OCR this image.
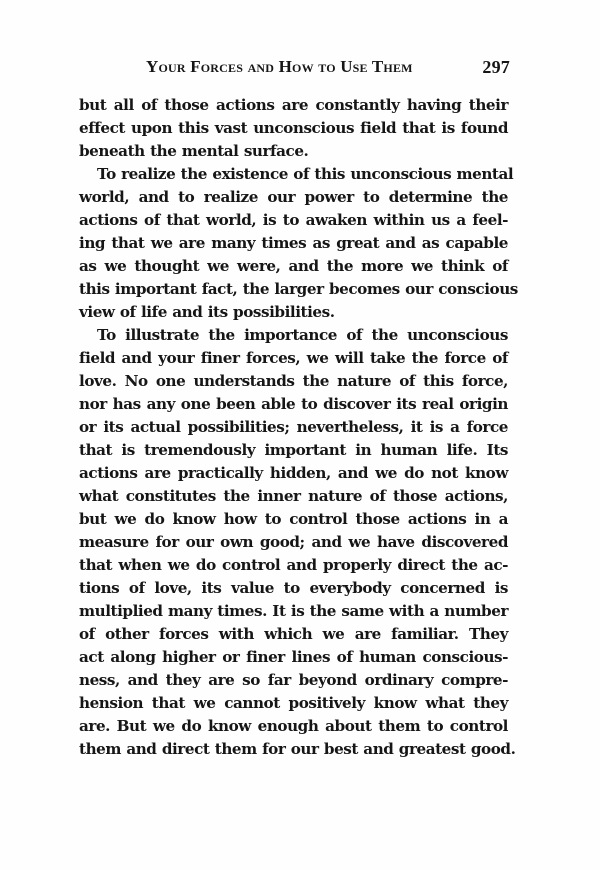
Your Forces and How to Use Them	297
but all of those actions are constantly having their
effect upon this vast unconscious field that is found
beneath the mental surface.
To realize the existence of this unconscious mental
world, and to realize our power to determine the
actions of that world, is to awaken within us a feel-
ing that we are many times as great and as capable
as we thought we were, and the more we think of
this important fact, the larger becomes our conscious
view of life and its possibilities.
To illustrate the importance of the unconscious
field and your finer forces, we will take the force of
love. No one understands the nature of this force,
nor has any one been able to discover its real origin
or its actual possibilities; nevertheless, it is a force
that is tremendously important in human life. Its
actions are practically hidden, and we do not know
what constitutes the inner nature of those actions,
but we do know how to control those actions in a
measure for our own good; and we have discovered
that when we do control and properly direct the ac-
tions of love, its value to everybody concerned is
multiplied many times. It is the same with a number
of other forces with which we are familiar. They
act along higher or finer lines of human conscious-
ness, and they are so far beyond ordinary compre-
hension that we cannot positively know what they
are. But we do know enough about them to control
them and direct them for our best and greatest good.
